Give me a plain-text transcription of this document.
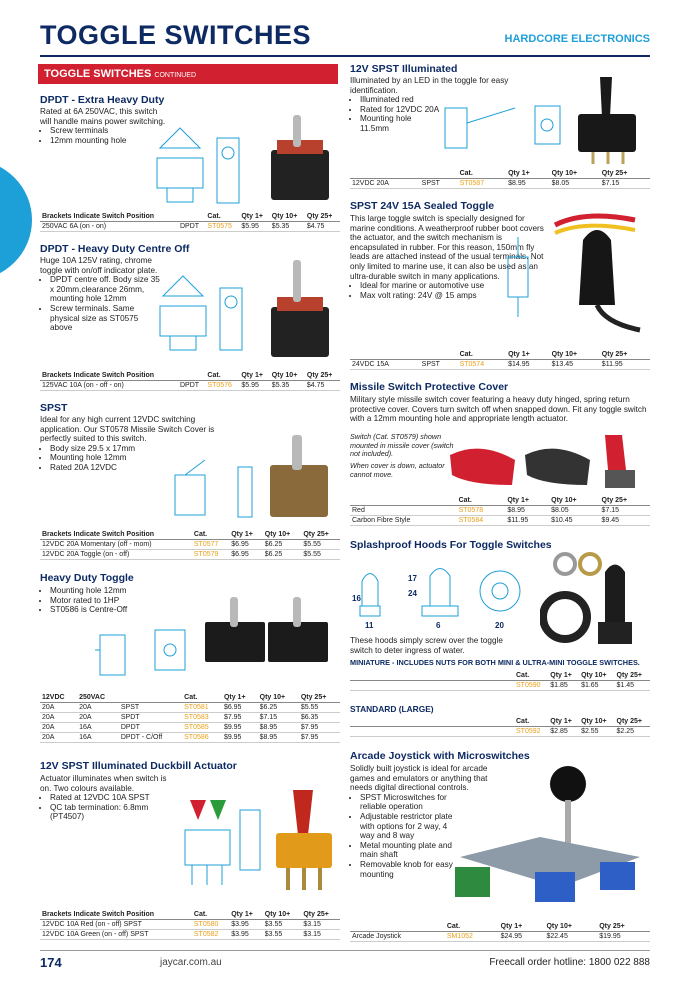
TOGGLE SWITCHES	HARDCORE ELECTRONICS
TOGGLE SWITCHES CONTINUED
DPDT - Extra Heavy Duty
Rated at 6A 250VAC, this switch will handle mains power switching.
• Screw terminals
• 12mm mounting hole
Brackets Indicate Switch Position		Cat.	Qty 1+	Qty 10+	Qty 25+
250VAC 6A (on - on)	DPDT	ST0575	$5.95	$5.35	$4.75
DPDT - Heavy Duty Centre Off
Huge 10A 125V rating, chrome toggle with on/off indicator plate.
• DPDT centre off. Body size 35 x 20mm,clearance 26mm, mounting hole 12mm
• Screw terminals. Same physical size as ST0575 above
Brackets Indicate Switch Position		Cat.	Qty 1+	Qty 10+	Qty 25+
125VAC 10A (on - off - on)	DPDT	ST0576	$5.95	$5.35	$4.75
SPST
Ideal for any high current 12VDC switching application. Our ST0578 Missile Switch Cover is perfectly suited to this switch.
• Body size 29.5 x 17mm
• Mounting hole 12mm
• Rated 20A 12VDC
Brackets Indicate Switch Position	Cat.	Qty 1+	Qty 10+	Qty 25+
12VDC 20A Momentary (off - mom)	ST0577	$6.95	$6.25	$5.55
12VDC 20A Toggle (on - off)	ST0579	$6.95	$6.25	$5.55
Heavy Duty Toggle
• Mounting hole 12mm
• Motor rated to 1HP
• ST0586 is Centre-Off
12VDC	250VAC		Cat.	Qty 1+	Qty 10+	Qty 25+
20A	20A	SPST	ST0581	$6.95	$6.25	$5.55
20A	20A	SPDT	ST0583	$7.95	$7.15	$6.35
20A	16A	DPDT	ST0585	$9.95	$8.95	$7.95
20A	16A	DPDT - C/Off	ST0586	$9.95	$8.95	$7.95
12V SPST Illuminated Duckbill Actuator
Actuator illuminates when switch is on. Two colours available.
• Rated at 12VDC 10A SPST
• QC tab termination: 6.8mm (PT4507)
Brackets Indicate Switch Position	Cat.	Qty 1+	Qty 10+	Qty 25+
12VDC 10A Red (on - off) SPST	ST0580	$3.95	$3.55	$3.15
12VDC 10A Green (on - off) SPST	ST0582	$3.95	$3.55	$3.15
12V SPST Illuminated
Illuminated by an LED in the toggle for easy identification.
• Illuminated red
• Rated for 12VDC 20A
• Mounting hole 11.5mm
		Cat.	Qty 1+	Qty 10+	Qty 25+
12VDC 20A	SPST	ST0587	$8.95	$8.05	$7.15
SPST 24V 15A Sealed Toggle
This large toggle switch is specially designed for marine conditions. A weatherproof rubber boot covers the actuator, and the switch mechanism is encapsulated in rubber. For this reason, 150mm fly leads are attached instead of the usual terminals. Not only limited to marine use, it can also be used as an ultra-durable switch in many applications.
• Ideal for marine or automotive use
• Max volt rating: 24V @ 15 amps
		Cat.	Qty 1+	Qty 10+	Qty 25+
24VDC 15A	SPST	ST0574	$14.95	$13.45	$11.95
Missile Switch Protective Cover
Military style missile switch cover featuring a heavy duty hinged, spring return protective cover. Covers turn switch off when snapped down. Fit any toggle switch with a 12mm mounting hole and appropriate length actuator.
Switch (Cat. ST0579) shown mounted in missile cover (switch not included).
When cover is down, actuator cannot move.
	Cat.	Qty 1+	Qty 10+	Qty 25+
Red	ST0578	$8.95	$8.05	$7.15
Carbon Fibre Style	ST0584	$11.95	$10.45	$9.45
Splashproof Hoods For Toggle Switches
16
17
24
11	6	20
These hoods simply screw over the toggle switch to deter ingress of water.
MINIATURE - INCLUDES NUTS FOR BOTH MINI & ULTRA-MINI TOGGLE SWITCHES.
	Cat.	Qty 1+	Qty 10+	Qty 25+
	ST0590	$1.85	$1.65	$1.45
STANDARD (LARGE)
	Cat.	Qty 1+	Qty 10+	Qty 25+
	ST0592	$2.85	$2.55	$2.25
Arcade Joystick with Microswitches
Solidly built joystick is ideal for arcade games and emulators or anything that needs digital directional controls.
• SPST Microswitches for reliable operation
• Adjustable restrictor plate with options for 2 way, 4 way and 8 way
• Metal mounting plate and main shaft
• Removable knob for easy mounting
	Cat.	Qty 1+	Qty 10+	Qty 25+
Arcade Joystick	SM1052	$24.95	$22.45	$19.95
174	jaycar.com.au	Freecall order hotline: 1800 022 888
